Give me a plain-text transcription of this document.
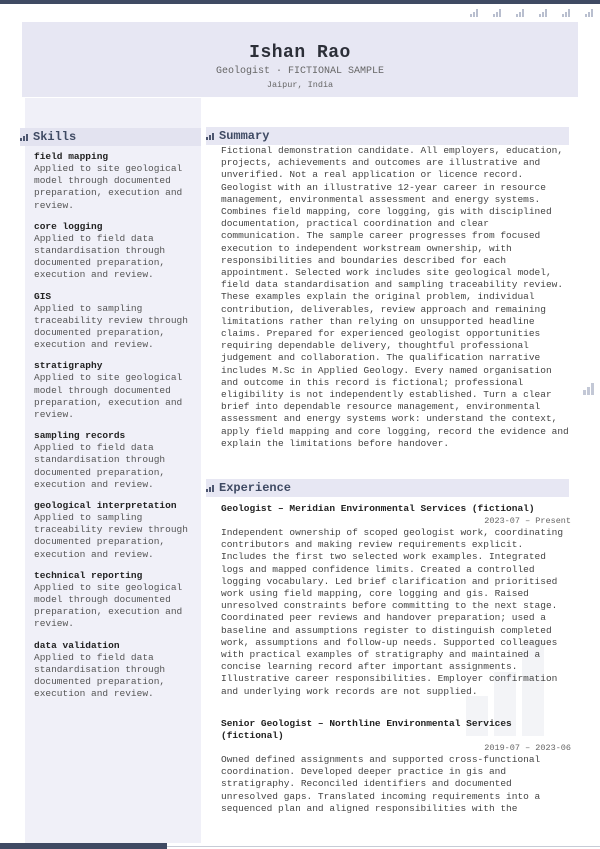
Ishan Rao
Geologist · FICTIONAL SAMPLE
Jaipur, India
Skills
field mapping
Applied to site geological model through documented preparation, execution and review.
core logging
Applied to field data standardisation through documented preparation, execution and review.
GIS
Applied to sampling traceability review through documented preparation, execution and review.
stratigraphy
Applied to site geological model through documented preparation, execution and review.
sampling records
Applied to field data standardisation through documented preparation, execution and review.
geological interpretation
Applied to sampling traceability review through documented preparation, execution and review.
technical reporting
Applied to site geological model through documented preparation, execution and review.
data validation
Applied to field data standardisation through documented preparation, execution and review.
Summary
Fictional demonstration candidate. All employers, education, projects, achievements and outcomes are illustrative and unverified. Not a real application or licence record. Geologist with an illustrative 12-year career in resource management, environmental assessment and energy systems. Combines field mapping, core logging, gis with disciplined documentation, practical coordination and clear communication. The sample career progresses from focused execution to independent workstream ownership, with responsibilities and boundaries described for each appointment. Selected work includes site geological model, field data standardisation and sampling traceability review. These examples explain the original problem, individual contribution, deliverables, review approach and remaining limitations rather than relying on unsupported headline claims. Prepared for experienced geologist opportunities requiring dependable delivery, thoughtful professional judgement and collaboration. The qualification narrative includes M.Sc in Applied Geology. Every named organisation and outcome in this record is fictional; professional eligibility is not independently established. Turn a clear brief into dependable resource management, environmental assessment and energy systems work: understand the context, apply field mapping and core logging, record the evidence and explain the limitations before handover.
Experience
Geologist – Meridian Environmental Services (fictional)
2023-07 – Present
Independent ownership of scoped geologist work, coordinating contributors and making review requirements explicit. Includes the first two selected work examples. Integrated logs and mapped confidence limits. Created a controlled logging vocabulary. Led brief clarification and prioritised work using field mapping, core logging and gis. Raised unresolved constraints before committing to the next stage. Coordinated peer reviews and handover preparation; used a baseline and assumptions register to distinguish completed work, assumptions and follow-up needs. Supported colleagues with practical examples of stratigraphy and maintained a concise learning record after important assignments. Illustrative career responsibilities. Employer confirmation and underlying work records are not supplied.
Senior Geologist – Northline Environmental Services (fictional)
2019-07 – 2023-06
Owned defined assignments and supported cross-functional coordination. Developed deeper practice in gis and stratigraphy. Reconciled identifiers and documented unresolved gaps. Translated incoming requirements into a sequenced plan and aligned responsibilities with the
